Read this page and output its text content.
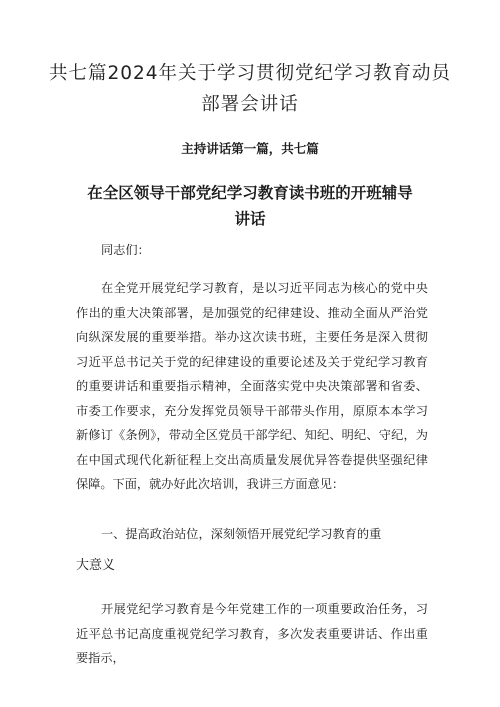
共七篇2024年关于学习贯彻党纪学习教育动员部署会讲话

主持讲话第一篇，共七篇

在全区领导干部党纪学习教育读书班的开班辅导讲话

同志们：

在全党开展党纪学习教育，是以习近平同志为核心的党中央作出的重大决策部署，是加强党的纪律建设、推动全面从严治党向纵深发展的重要举措。举办这次读书班，主要任务是深入贯彻习近平总书记关于党的纪律建设的重要论述及关于党纪学习教育的重要讲话和重要指示精神，全面落实党中央决策部署和省委、市委工作要求，充分发挥党员领导干部带头作用，原原本本学习新修订《条例》，带动全区党员干部学纪、知纪、明纪、守纪，为在中国式现代化新征程上交出高质量发展优异答卷提供坚强纪律保障。下面，就办好此次培训，我讲三方面意见：

一、提高政治站位，深刻领悟开展党纪学习教育的重

大意义

开展党纪学习教育是今年党建工作的一项重要政治任务，习近平总书记高度重视党纪学习教育，多次发表重要讲话、作出重要指示，
